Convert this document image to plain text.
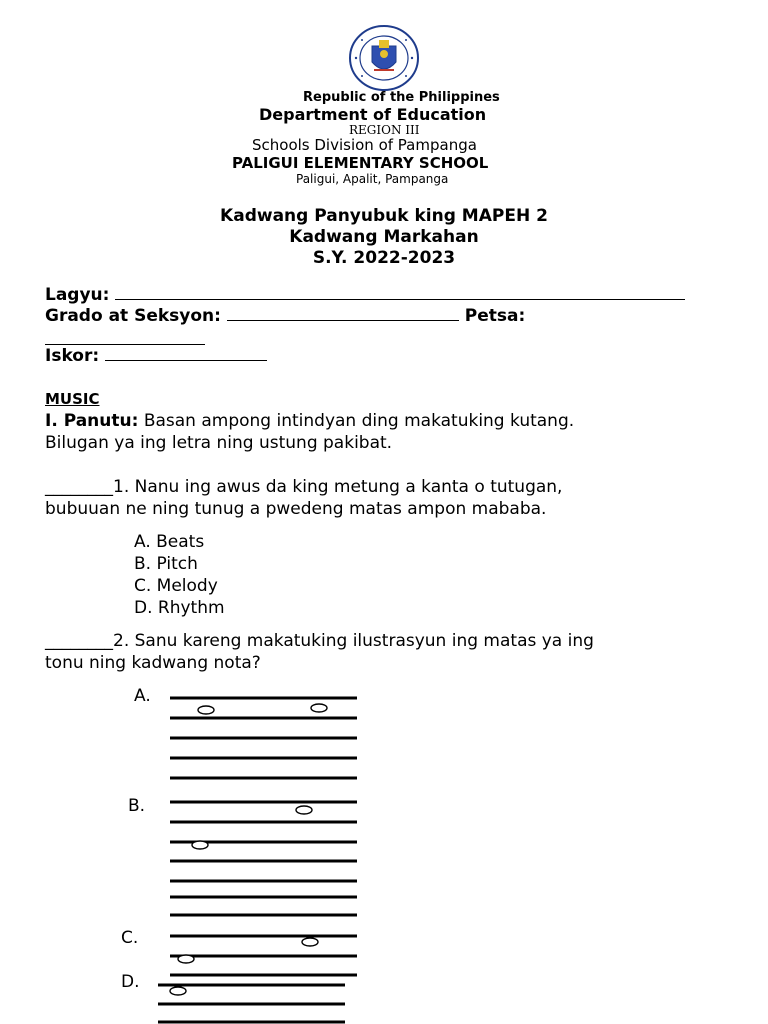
Republic of the Philippines
Department of Education
REGION III
Schools Division of Pampanga
PALIGUI ELEMENTARY SCHOOL
Paligui, Apalit, Pampanga
Kadwang Panyubuk king MAPEH 2
Kadwang Markahan
S.Y. 2022-2023
Lagyu:
Grado at Seksyon:	Petsa:
Iskor:
MUSIC
I. Panutu: Basan ampong intindyan ding makatuking kutang.
Bilugan ya ing letra ning ustung pakibat.
________1. Nanu ing awus da king metung a kanta o tutugan,
bubuuan ne ning tunug a pwedeng matas ampon mababa.
A. Beats
B. Pitch
C. Melody
D. Rhythm
________2. Sanu kareng makatuking ilustrasyun ing matas ya ing
tonu ning kadwang nota?
A.
B.
C.
D.
